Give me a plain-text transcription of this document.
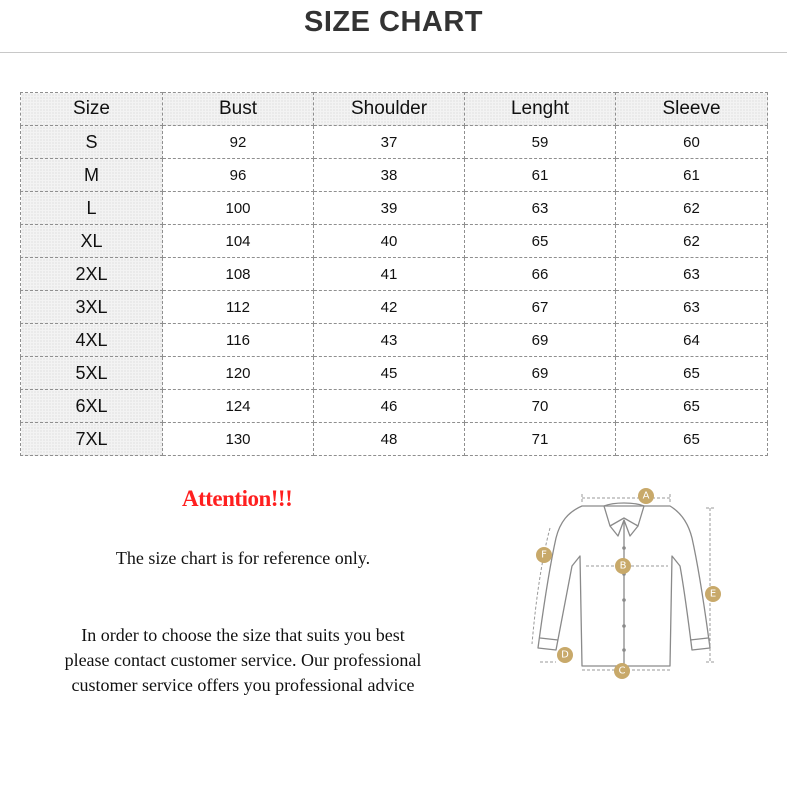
SIZE CHART
Size	Bust	Shoulder	Lenght	Sleeve
S	92	37	59	60
M	96	38	61	61
L	100	39	63	62
XL	104	40	65	62
2XL	108	41	66	63
3XL	112	42	67	63
4XL	116	43	69	64
5XL	120	45	69	65
6XL	124	46	70	65
7XL	130	48	71	65
Attention!!!
The size chart is for reference only.
In order to choose the size that suits you best
please contact customer service. Our professional
customer service offers you professional advice
A
B
C
D
E
F
